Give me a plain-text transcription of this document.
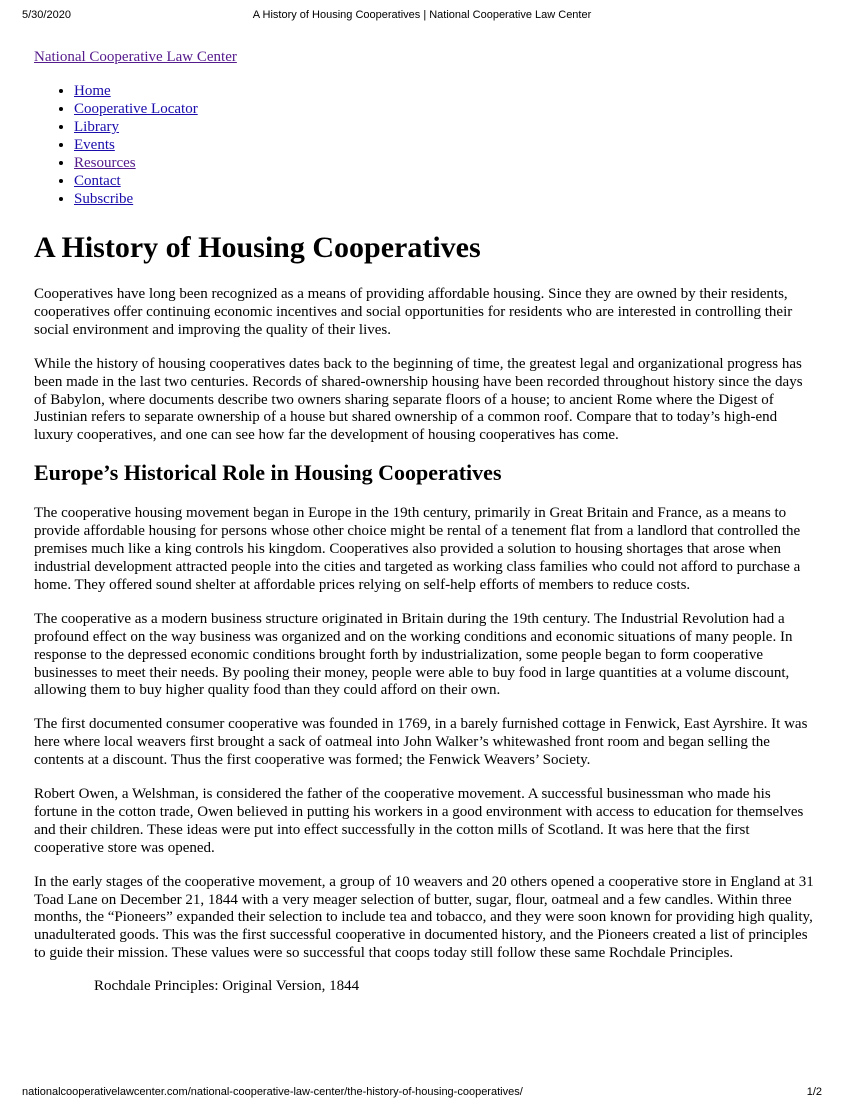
5/30/2020	A History of Housing Cooperatives | National Cooperative Law Center
National Cooperative Law Center
• Home
• Cooperative Locator
• Library
• Events
• Resources
• Contact
• Subscribe
A History of Housing Cooperatives

Cooperatives have long been recognized as a means of providing affordable housing. Since they are owned by their residents, cooperatives offer continuing economic incentives and social opportunities for residents who are interested in controlling their social environment and improving the quality of their lives.

While the history of housing cooperatives dates back to the beginning of time, the greatest legal and organizational progress has been made in the last two centuries. Records of shared-ownership housing have been recorded throughout history since the days of Babylon, where documents describe two owners sharing separate floors of a house; to ancient Rome where the Digest of Justinian refers to separate ownership of a house but shared ownership of a common roof. Compare that to today’s high-end luxury cooperatives, and one can see how far the development of housing cooperatives has come.

Europe’s Historical Role in Housing Cooperatives

The cooperative housing movement began in Europe in the 19th century, primarily in Great Britain and France, as a means to provide affordable housing for persons whose other choice might be rental of a tenement flat from a landlord that controlled the premises much like a king controls his kingdom. Cooperatives also provided a solution to housing shortages that arose when industrial development attracted people into the cities and targeted as working class families who could not afford to purchase a home. They offered sound shelter at affordable prices relying on self-help efforts of members to reduce costs.

The cooperative as a modern business structure originated in Britain during the 19th century. The Industrial Revolution had a profound effect on the way business was organized and on the working conditions and economic situations of many people. In response to the depressed economic conditions brought forth by industrialization, some people began to form cooperative businesses to meet their needs. By pooling their money, people were able to buy food in large quantities at a volume discount, allowing them to buy higher quality food than they could afford on their own.

The first documented consumer cooperative was founded in 1769, in a barely furnished cottage in Fenwick, East Ayrshire. It was here where local weavers first brought a sack of oatmeal into John Walker’s whitewashed front room and began selling the contents at a discount. Thus the first cooperative was formed; the Fenwick Weavers’ Society.

Robert Owen, a Welshman, is considered the father of the cooperative movement. A successful businessman who made his fortune in the cotton trade, Owen believed in putting his workers in a good environment with access to education for themselves and their children. These ideas were put into effect successfully in the cotton mills of Scotland. It was here that the first cooperative store was opened.

In the early stages of the cooperative movement, a group of 10 weavers and 20 others opened a cooperative store in England at 31 Toad Lane on December 21, 1844 with a very meager selection of butter, sugar, flour, oatmeal and a few candles. Within three months, the “Pioneers” expanded their selection to include tea and tobacco, and they were soon known for providing high quality, unadulterated goods. This was the first successful cooperative in documented history, and the Pioneers created a list of principles to guide their mission. These values were so successful that coops today still follow these same Rochdale Principles.

Rochdale Principles: Original Version, 1844
nationalcooperativelawcenter.com/national-cooperative-law-center/the-history-of-housing-cooperatives/	1/2
